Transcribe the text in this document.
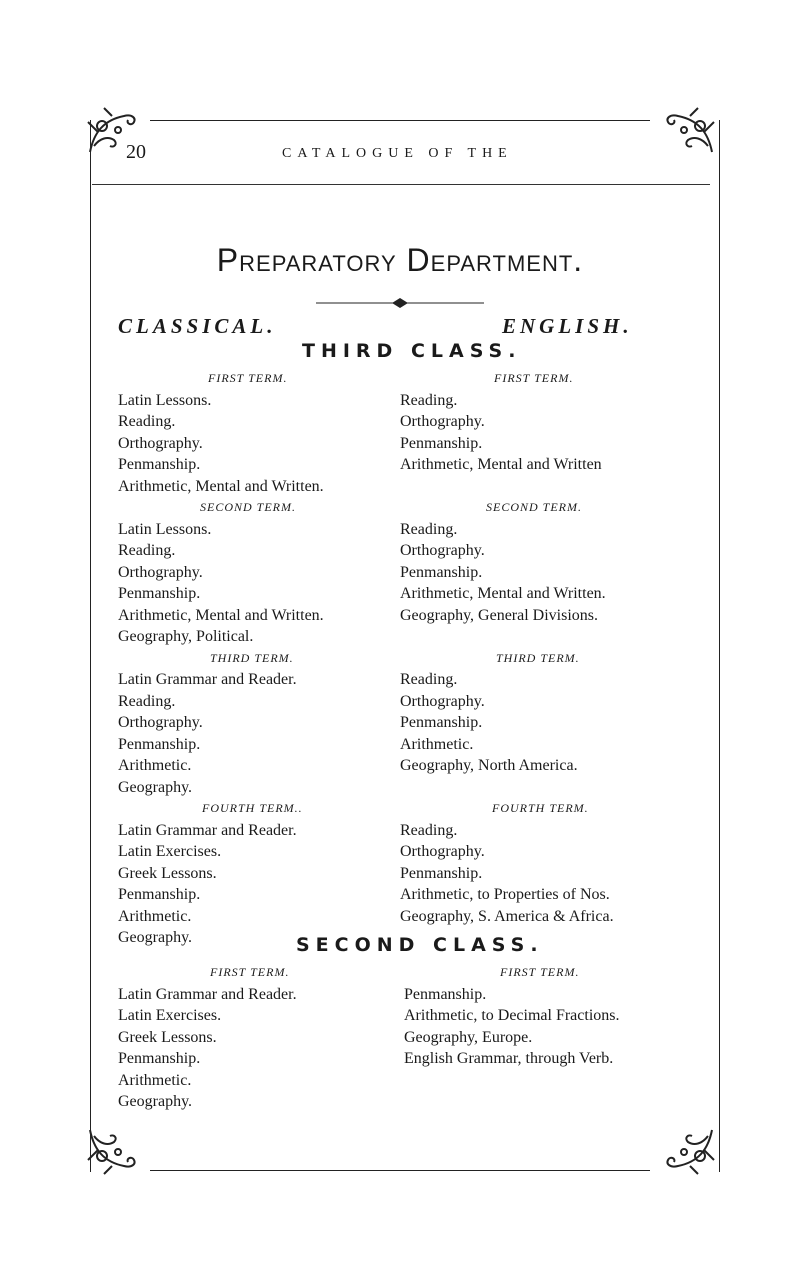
20	CATALOGUE OF THE
Preparatory Department.
CLASSICAL.	ENGLISH.
THIRD CLASS.
FIRST TERM.
Latin Lessons.
Reading.
Orthography.
Penmanship.
Arithmetic, Mental and Written.
SECOND TERM.
Latin Lessons.
Reading.
Orthography.
Penmanship.
Arithmetic, Mental and Written.
Geography, Political.
THIRD TERM.
Latin Grammar and Reader.
Reading.
Orthography.
Penmanship.
Arithmetic.
Geography.
FOURTH TERM..
Latin Grammar and Reader.
Latin Exercises.
Greek Lessons.
Penmanship.
Arithmetic.
Geography.
FIRST TERM.
Reading.
Orthography.
Penmanship.
Arithmetic, Mental and Written
SECOND TERM.
Reading.
Orthography.
Penmanship.
Arithmetic, Mental and Written.
Geography, General Divisions.
THIRD TERM.
Reading.
Orthography.
Penmanship.
Arithmetic.
Geography, North America.
FOURTH TERM.
Reading.
Orthography.
Penmanship.
Arithmetic, to Properties of Nos.
Geography, S. America & Africa.
SECOND CLASS.
FIRST TERM.
Latin Grammar and Reader.
Latin Exercises.
Greek Lessons.
Penmanship.
Arithmetic.
Geography.
FIRST TERM.
Penmanship.
Arithmetic, to Decimal Fractions.
Geography, Europe.
English Grammar, through Verb.
